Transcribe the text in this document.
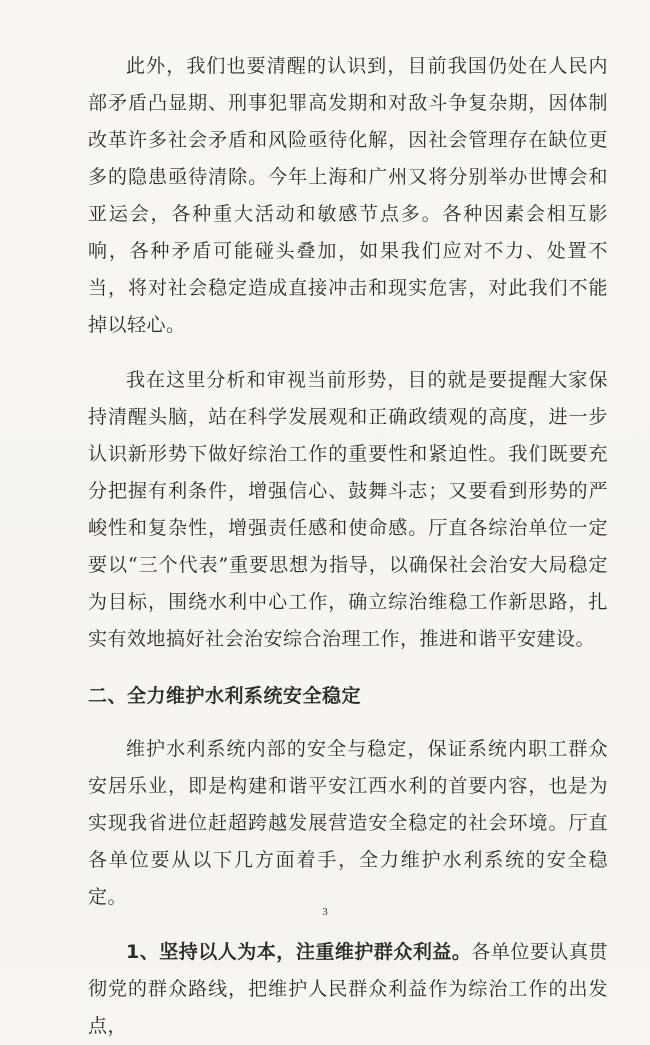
此外，我们也要清醒的认识到，目前我国仍处在人民内部矛盾凸显期、刑事犯罪高发期和对敌斗争复杂期，因体制改革许多社会矛盾和风险亟待化解，因社会管理存在缺位更多的隐患亟待清除。今年上海和广州又将分别举办世博会和亚运会，各种重大活动和敏感节点多。各种因素会相互影响，各种矛盾可能碰头叠加，如果我们应对不力、处置不当，将对社会稳定造成直接冲击和现实危害，对此我们不能掉以轻心。

我在这里分析和审视当前形势，目的就是要提醒大家保持清醒头脑，站在科学发展观和正确政绩观的高度，进一步认识新形势下做好综治工作的重要性和紧迫性。我们既要充分把握有利条件，增强信心、鼓舞斗志；又要看到形势的严峻性和复杂性，增强责任感和使命感。厅直各综治单位一定要以“三个代表”重要思想为指导，以确保社会治安大局稳定为目标，围绕水利中心工作，确立综治维稳工作新思路，扎实有效地搞好社会治安综合治理工作，推进和谐平安建设。

二、全力维护水利系统安全稳定

维护水利系统内部的安全与稳定，保证系统内职工群众安居乐业，即是构建和谐平安江西水利的首要内容，也是为实现我省进位赶超跨越发展营造安全稳定的社会环境。厅直各单位要从以下几方面着手，全力维护水利系统的安全稳定。

1、坚持以人为本，注重维护群众利益。各单位要认真贯彻党的群众路线，把维护人民群众利益作为综治工作的出发点，

3
